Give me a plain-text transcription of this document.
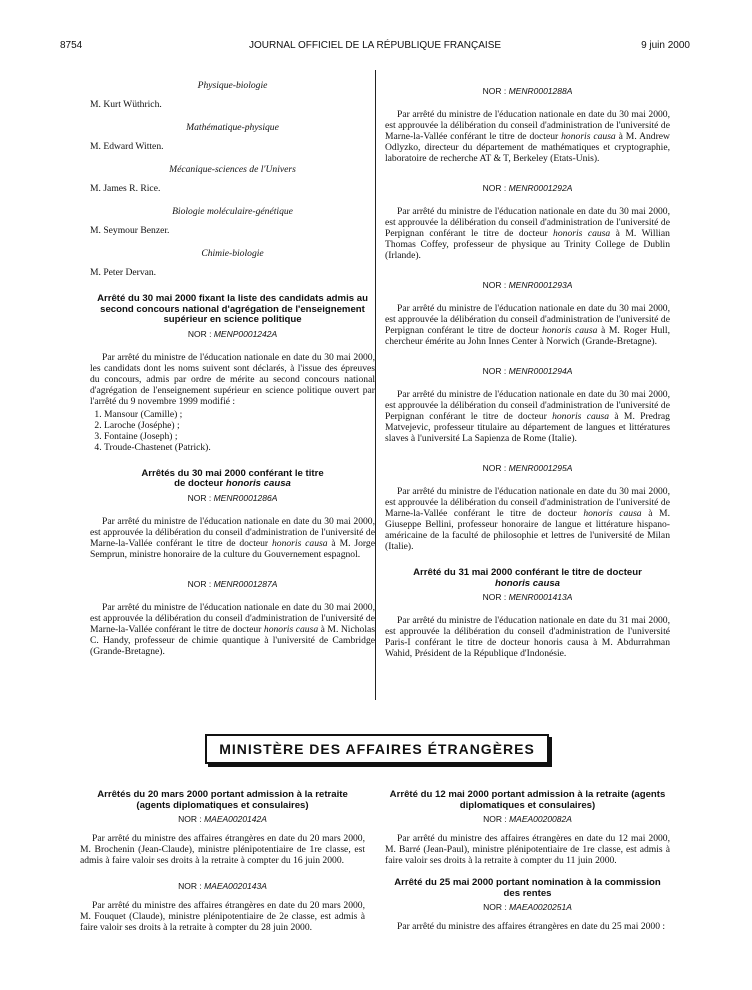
8754	JOURNAL OFFICIEL DE LA RÉPUBLIQUE FRANÇAISE	9 juin 2000

Physique-biologie

M. Kurt Wüthrich.

Mathématique-physique

M. Edward Witten.

Mécanique-sciences de l'Univers

M. James R. Rice.

Biologie moléculaire-génétique

M. Seymour Benzer.

Chimie-biologie

M. Peter Dervan.

Arrêté du 30 mai 2000 fixant la liste des candidats admis au second concours national d'agrégation de l'enseignement supérieur en science politique

NOR : MENP0001242A

Par arrêté du ministre de l'éducation nationale en date du 30 mai 2000, les candidats dont les noms suivent sont déclarés, à l'issue des épreuves du concours, admis par ordre de mérite au second concours national d'agrégation de l'enseignement supérieur en science politique ouvert par l'arrêté du 9 novembre 1999 modifié :

1. Mansour (Camille) ;
2. Laroche (Joséphe) ;
3. Fontaine (Joseph) ;
4. Troude-Chastenet (Patrick).

Arrêtés du 30 mai 2000 conférant le titre
de docteur honoris causa

NOR : MENR0001286A

Par arrêté du ministre de l'éducation nationale en date du 30 mai 2000, est approuvée la délibération du conseil d'administration de l'université de Marne-la-Vallée conférant le titre de docteur honoris causa à M. Jorge Semprun, ministre honoraire de la culture du Gouvernement espagnol.

NOR : MENR0001287A

Par arrêté du ministre de l'éducation nationale en date du 30 mai 2000, est approuvée la délibération du conseil d'administration de l'université de Marne-la-Vallée conférant le titre de docteur honoris causa à M. Nicholas C. Handy, professeur de chimie quantique à l'université de Cambridge (Grande-Bretagne).

NOR : MENR0001288A

Par arrêté du ministre de l'éducation nationale en date du 30 mai 2000, est approuvée la délibération du conseil d'administration de l'université de Marne-la-Vallée conférant le titre de docteur honoris causa à M. Andrew Odlyzko, directeur du département de mathématiques et cryptographie, laboratoire de recherche AT & T, Berkeley (Etats-Unis).

NOR : MENR0001292A

Par arrêté du ministre de l'éducation nationale en date du 30 mai 2000, est approuvée la délibération du conseil d'administration de l'université de Perpignan conférant le titre de docteur honoris causa à M. Willian Thomas Coffey, professeur de physique au Trinity College de Dublin (Irlande).

NOR : MENR0001293A

Par arrêté du ministre de l'éducation nationale en date du 30 mai 2000, est approuvée la délibération du conseil d'administration de l'université de Perpignan conférant le titre de docteur honoris causa à M. Roger Hull, chercheur émérite au John Innes Center à Norwich (Grande-Bretagne).

NOR : MENR0001294A

Par arrêté du ministre de l'éducation nationale en date du 30 mai 2000, est approuvée la délibération du conseil d'administration de l'université de Perpignan conférant le titre de docteur honoris causa à M. Predrag Matvejevic, professeur titulaire au département de langues et littératures slaves à l'université La Sapienza de Rome (Italie).

NOR : MENR0001295A

Par arrêté du ministre de l'éducation nationale en date du 30 mai 2000, est approuvée la délibération du conseil d'administration de l'université de Marne-la-Vallée conférant le titre de docteur honoris causa à M. Giuseppe Bellini, professeur honoraire de langue et littérature hispano-américaine de la faculté de philosophie et lettres de l'université de Milan (Italie).

Arrêté du 31 mai 2000 conférant le titre de docteur
honoris causa

NOR : MENR0001413A

Par arrêté du ministre de l'éducation nationale en date du 31 mai 2000, est approuvée la délibération du conseil d'administration de l'université Paris-I conférant le titre de docteur honoris causa à M. Abdurrahman Wahid, Président de la République d'Indonésie.

MINISTÈRE DES AFFAIRES ÉTRANGÈRES

Arrêtés du 20 mars 2000 portant admission à la retraite (agents diplomatiques et consulaires)

NOR : MAEA0020142A

Par arrêté du ministre des affaires étrangères en date du 20 mars 2000, M. Brochenin (Jean-Claude), ministre plénipotentiaire de 1re classe, est admis à faire valoir ses droits à la retraite à compter du 16 juin 2000.

NOR : MAEA0020143A

Par arrêté du ministre des affaires étrangères en date du 20 mars 2000, M. Fouquet (Claude), ministre plénipotentiaire de 2e classe, est admis à faire valoir ses droits à la retraite à compter du 28 juin 2000.

Arrêté du 12 mai 2000 portant admission à la retraite (agents diplomatiques et consulaires)

NOR : MAEA0020082A

Par arrêté du ministre des affaires étrangères en date du 12 mai 2000, M. Barré (Jean-Paul), ministre plénipotentiaire de 1re classe, est admis à faire valoir ses droits à la retraite à compter du 11 juin 2000.

Arrêté du 25 mai 2000 portant nomination à la commission des rentes

NOR : MAEA0020251A

Par arrêté du ministre des affaires étrangères en date du 25 mai 2000 :
